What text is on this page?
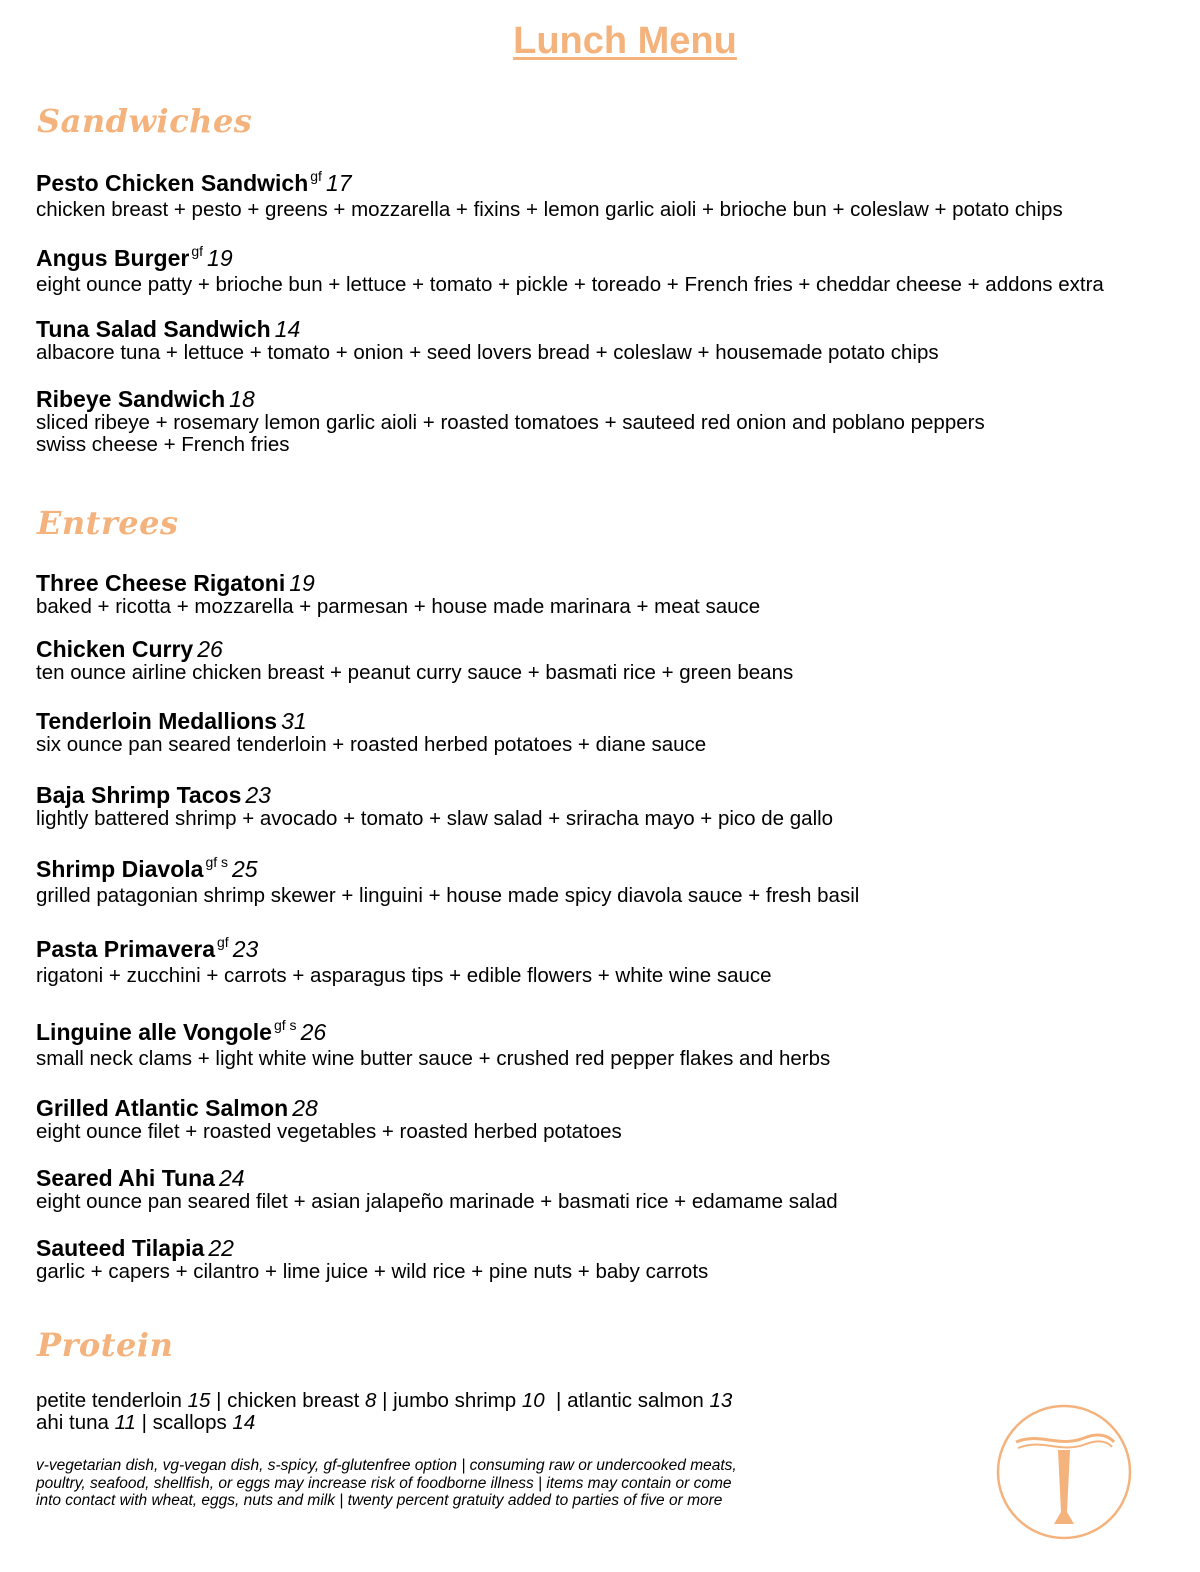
Lunch Menu
Sandwiches
Entrees
Protein
Pesto Chicken Sandwich $^{gf}$ 17
chicken breast + pesto + greens + mozzarella + fixins + lemon garlic aioli + brioche bun + coleslaw + potato chips
Angus Burger $^{gf}$ 19
eight ounce patty + brioche bun + lettuce + tomato + pickle + toreado + French fries + cheddar cheese + addons extra
Tuna Salad Sandwich 14
albacore tuna + lettuce + tomato + onion + seed lovers bread + coleslaw + housemade potato chips
Ribeye Sandwich 18
sliced ribeye + rosemary lemon garlic aioli + roasted tomatoes + sauteed red onion and poblano peppers
swiss cheese + French fries
Three Cheese Rigatoni 19
baked + ricotta + mozzarella + parmesan + house made marinara + meat sauce
Chicken Curry 26
ten ounce airline chicken breast + peanut curry sauce + basmati rice + green beans
Tenderloin Medallions 31
six ounce pan seared tenderloin + roasted herbed potatoes + diane sauce
Baja Shrimp Tacos 23
lightly battered shrimp + avocado + tomato + slaw salad + sriracha mayo + pico de gallo
Shrimp Diavola $^{gf s}$ 25
grilled patagonian shrimp skewer + linguini + house made spicy diavola sauce + fresh basil
Pasta Primavera $^{gf}$ 23
rigatoni + zucchini + carrots + asparagus tips + edible flowers + white wine sauce
Linguine alle Vongole $^{gf s}$ 26
small neck clams + light white wine butter sauce + crushed red pepper flakes and herbs
Grilled Atlantic Salmon 28
eight ounce filet + roasted vegetables + roasted herbed potatoes
Seared Ahi Tuna 24
eight ounce pan seared filet + asian jalapeño marinade + basmati rice + edamame salad
Sauteed Tilapia 22
garlic + capers + cilantro + lime juice + wild rice + pine nuts + baby carrots
petite tenderloin 15 | chicken breast 8 | jumbo shrimp 10  | atlantic salmon 13
ahi tuna 11 | scallops 14
v-vegetarian dish, vg-vegan dish, s-spicy, gf-glutenfree option | consuming raw or undercooked meats,
poultry, seafood, shellfish, or eggs may increase risk of foodborne illness | items may contain or come
into contact with wheat, eggs, nuts and milk | twenty percent gratuity added to parties of five or more
